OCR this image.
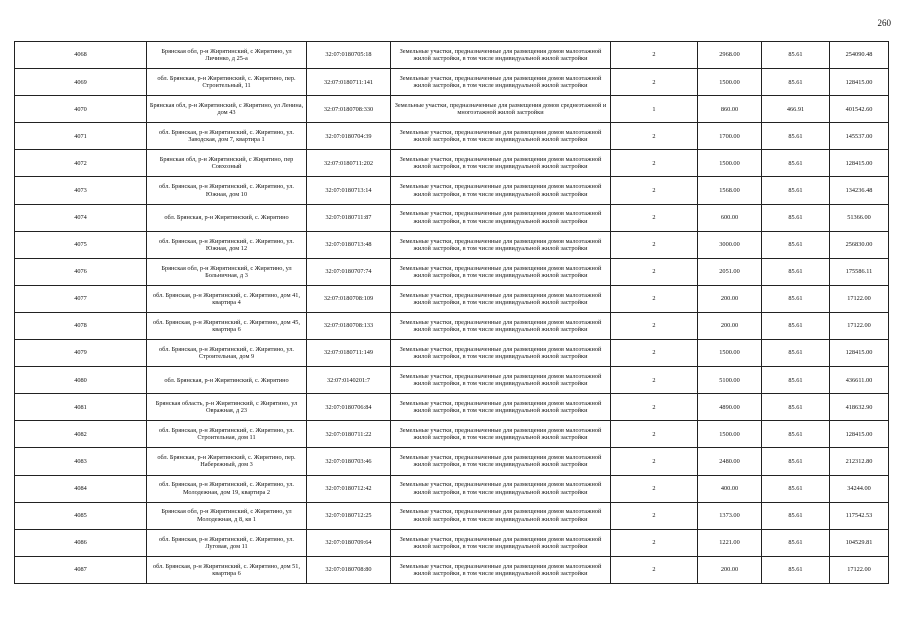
260
4068	Брянская обл, р-н Жирятинский, с Жирятино, ул Личинко, д 25-а	32:07:0180705:18	Земельные участки, предназначенные для размещения домов малоэтажной жилой застройки, в том числе индивидуальной жилой застройки	2	2968.00	85.61	254090.48
4069	обл. Брянская, р-н Жирятинский, с. Жирятино, пер. Строительный, 11	32:07:0180711:141	Земельные участки, предназначенные для размещения домов малоэтажной жилой застройки, в том числе индивидуальной жилой застройки	2	1500.00	85.61	128415.00
4070	Брянская обл, р-н Жирятинский, с Жирятино, ул Ленина, дом 43	32:07:0180708:330	Земельные участки, предназначенные для размещения домов среднеэтажной и многоэтажной жилой застройки	1	860.00	466.91	401542.60
4071	обл. Брянская, р-н Жирятинский, с. Жирятино, ул. Заводская, дом 7, квартира 1	32:07:0180704:39	Земельные участки, предназначенные для размещения домов малоэтажной жилой застройки, в том числе индивидуальной жилой застройки	2	1700.00	85.61	145537.00
4072	Брянская обл, р-н Жирятинский, с Жирятино, пер Совхозный	32:07:0180711:202	Земельные участки, предназначенные для размещения домов малоэтажной жилой застройки, в том числе индивидуальной жилой застройки	2	1500.00	85.61	128415.00
4073	обл. Брянская, р-н Жирятинский, с. Жирятино, ул. Южная, дом 10	32:07:0180713:14	Земельные участки, предназначенные для размещения домов малоэтажной жилой застройки, в том числе индивидуальной жилой застройки	2	1568.00	85.61	134236.48
4074	обл. Брянская, р-н Жирятинский, с. Жирятино	32:07:0180711:87	Земельные участки, предназначенные для размещения домов малоэтажной жилой застройки, в том числе индивидуальной жилой застройки	2	600.00	85.61	51366.00
4075	обл. Брянская, р-н Жирятинский, с. Жирятино, ул. Южная, дом 12	32:07:0180713:48	Земельные участки, предназначенные для размещения домов малоэтажной жилой застройки, в том числе индивидуальной жилой застройки	2	3000.00	85.61	256830.00
4076	Брянская обл, р-н Жирятинский, с Жирятино, ул Больничная, д 3	32:07:0180707:74	Земельные участки, предназначенные для размещения домов малоэтажной жилой застройки, в том числе индивидуальной жилой застройки	2	2051.00	85.61	175586.11
4077	обл. Брянская, р-н Жирятинский, с. Жирятино, дом 41, квартира 4	32:07:0180708:109	Земельные участки, предназначенные для размещения домов малоэтажной жилой застройки, в том числе индивидуальной жилой застройки	2	200.00	85.61	17122.00
4078	обл. Брянская, р-н Жирятинский, с. Жирятино, дом 45, квартира 6	32:07:0180708:133	Земельные участки, предназначенные для размещения домов малоэтажной жилой застройки, в том числе индивидуальной жилой застройки	2	200.00	85.61	17122.00
4079	обл. Брянская, р-н Жирятинский, с. Жирятино, ул. Строительная, дом 9	32:07:0180711:149	Земельные участки, предназначенные для размещения домов малоэтажной жилой застройки, в том числе индивидуальной жилой застройки	2	1500.00	85.61	128415.00
4080	обл. Брянская, р-н Жирятинский, с. Жирятино	32:07:0140201:7	Земельные участки, предназначенные для размещения домов малоэтажной жилой застройки, в том числе индивидуальной жилой застройки	2	5100.00	85.61	436611.00
4081	Брянская область, р-н Жирятинский, с Жирятино, ул Овражная, д 23	32:07:0180706:84	Земельные участки, предназначенные для размещения домов малоэтажной жилой застройки, в том числе индивидуальной жилой застройки	2	4890.00	85.61	418632.90
4082	обл. Брянская, р-н Жирятинский, с. Жирятино, ул. Строительная, дом 11	32:07:0180711:22	Земельные участки, предназначенные для размещения домов малоэтажной жилой застройки, в том числе индивидуальной жилой застройки	2	1500.00	85.61	128415.00
4083	обл. Брянская, р-н Жирятинский, с. Жирятино, пер. Набережный, дом 3	32:07:0180703:46	Земельные участки, предназначенные для размещения домов малоэтажной жилой застройки, в том числе индивидуальной жилой застройки	2	2480.00	85.61	212312.80
4084	обл. Брянская, р-н Жирятинский, с. Жирятино, ул. Молодежная, дом 19, квартира 2	32:07:0180712:42	Земельные участки, предназначенные для размещения домов малоэтажной жилой застройки, в том числе индивидуальной жилой застройки	2	400.00	85.61	34244.00
4085	Брянская обл, р-н Жирятинский, с Жирятино, ул Молодежная, д 8, кв 1	32:07:0180712:25	Земельные участки, предназначенные для размещения домов малоэтажной жилой застройки, в том числе индивидуальной жилой застройки	2	1373.00	85.61	117542.53
4086	обл. Брянская, р-н Жирятинский, с. Жирятино, ул. Луговая, дом 11	32:07:0180709:64	Земельные участки, предназначенные для размещения домов малоэтажной жилой застройки, в том числе индивидуальной жилой застройки	2	1221.00	85.61	104529.81
4087	обл. Брянская, р-н Жирятинский, с. Жирятино, дом 51, квартира 6	32:07:0180708:80	Земельные участки, предназначенные для размещения домов малоэтажной жилой застройки, в том числе индивидуальной жилой застройки	2	200.00	85.61	17122.00
